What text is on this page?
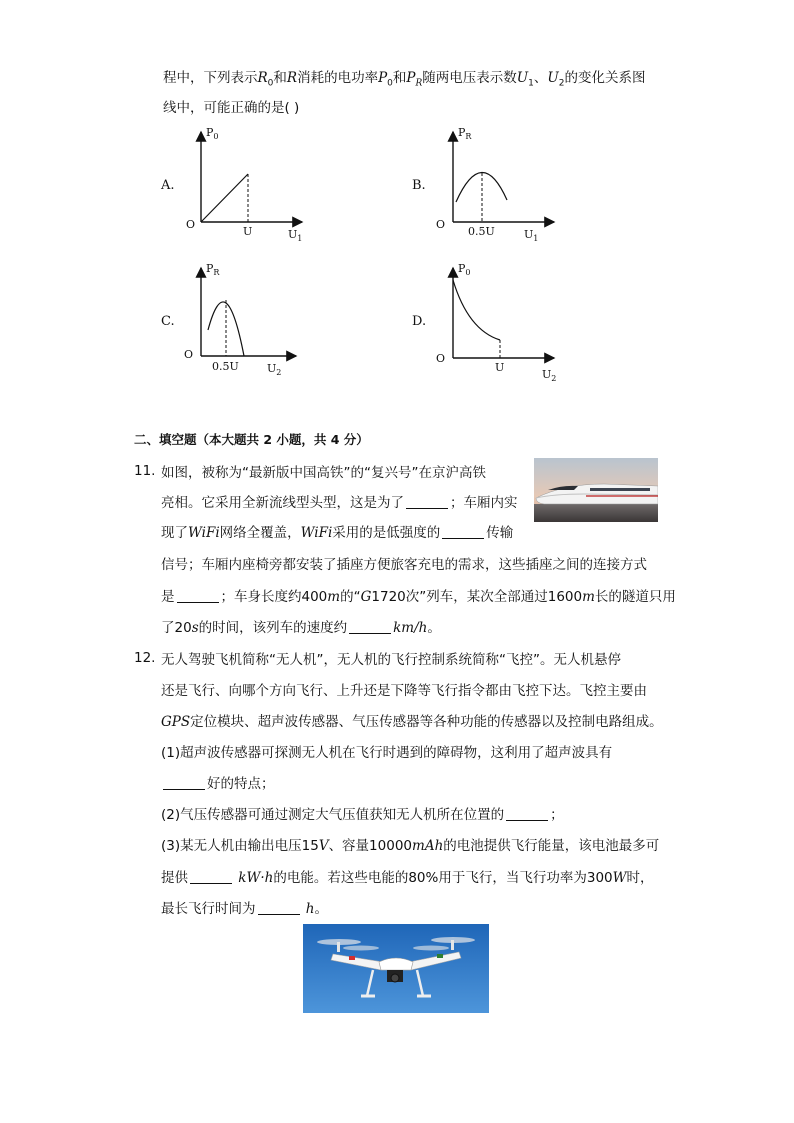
程中，下列表示$R_0$和R消耗的电功率$P_0$和$P_R$随两电压表示数$U_1$、$U_2$的变化关系图
线中，可能正确的是( )
A.
$P_0$
O
U	$U_1$
B.
$P_R$
O
0.5U	$U_1$
C.
$P_R$
O
0.5U	$U_2$
D.
$P_0$
O
U
$U_2$
二、填空题（本大题共 2 小题，共 4 分）
11. 如图，被称为“最新版中国高铁”的“复兴号”在京沪高铁
亮相。它采用全新流线型头型，这是为了	；车厢内实
现了WiFi网络全覆盖，WiFi采用的是低强度的	传输
信号；车厢内座椅旁都安装了插座方便旅客充电的需求，这些插座之间的连接方式
是	；车身长度约400m的“G1720次”列车，某次全部通过1600m长的隧道只用
了20s的时间，该列车的速度约	km/h。
12. 无人驾驶飞机简称“无人机”，无人机的飞行控制系统简称“飞控”。无人机悬停
还是飞行、向哪个方向飞行、上升还是下降等飞行指令都由飞控下达。飞控主要由
GPS定位模块、超声波传感器、气压传感器等各种功能的传感器以及控制电路组成。
(1)超声波传感器可探测无人机在飞行时遇到的障碍物，这利用了超声波具有
好的特点；
(2)气压传感器可通过测定大气压值获知无人机所在位置的	；
(3)某无人机由输出电压15V、容量10000mAh的电池提供飞行能量，该电池最多可
提供	kW·h的电能。若这些电能的80%用于飞行，当飞行功率为300W时，
最长飞行时间为	h。
